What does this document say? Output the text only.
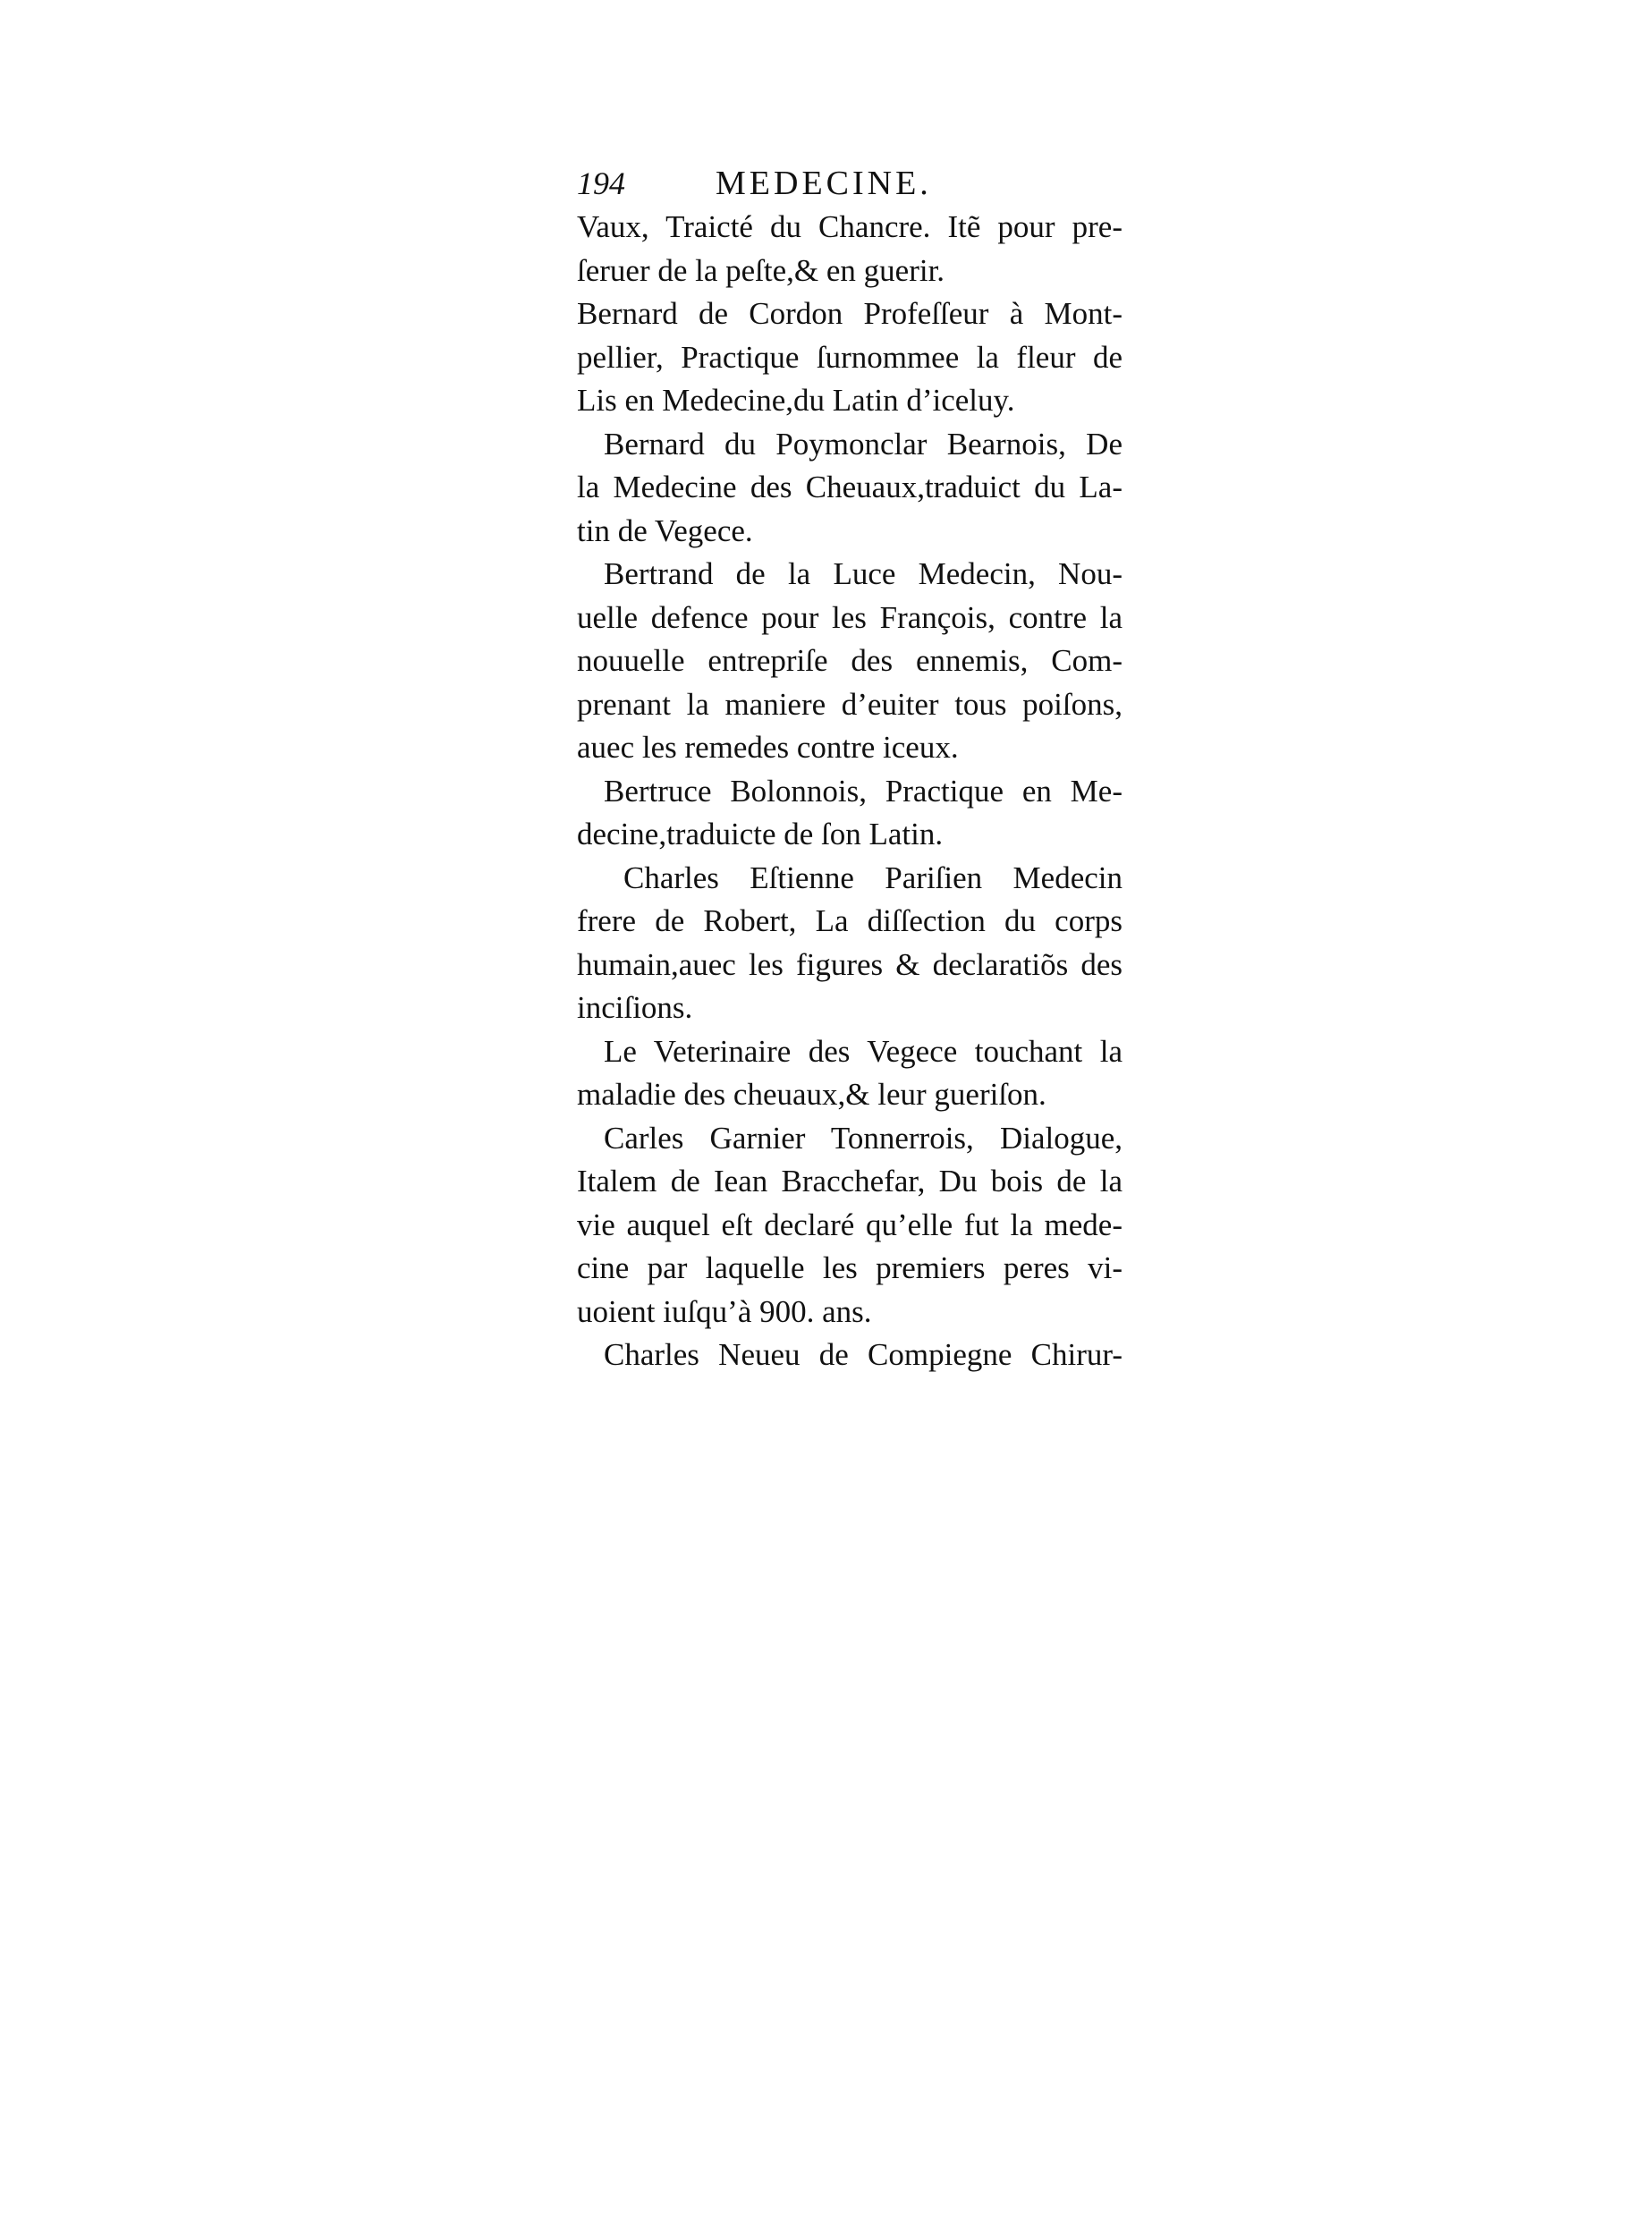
194	MEDECINE.
Vaux, Traicté du Chancre. Itẽ pour pre-
ſeruer de la peſte,& en guerir.
Bernard de Cordon Profeſſeur à Mont-
pellier, Practique ſurnommee la fleur de
Lis en Medecine,du Latin d’iceluy.
Bernard du Poymonclar Bearnois, De
la Medecine des Cheuaux,traduict du La-
tin de Vegece.
Bertrand de la Luce Medecin, Nou-
uelle defence pour les François, contre la
nouuelle entrepriſe des ennemis, Com-
prenant la maniere d’euiter tous poiſons,
auec les remedes contre iceux.
Bertruce Bolonnois, Practique en Me-
decine,traduicte de ſon Latin.
Charles Eſtienne Pariſien Medecin
frere de Robert, La diſſection du corps
humain,auec les figures & declaratiõs des
inciſions.
Le Veterinaire des Vegece touchant la
maladie des cheuaux,& leur gueriſon.
Carles Garnier Tonnerrois, Dialogue,
Italem de Iean Bracchefar, Du bois de la
vie auquel eſt declaré qu’elle fut la mede-
cine par laquelle les premiers peres vi-
uoient iuſqu’à 900. ans.
Charles Neueu de Compiegne Chirur-
